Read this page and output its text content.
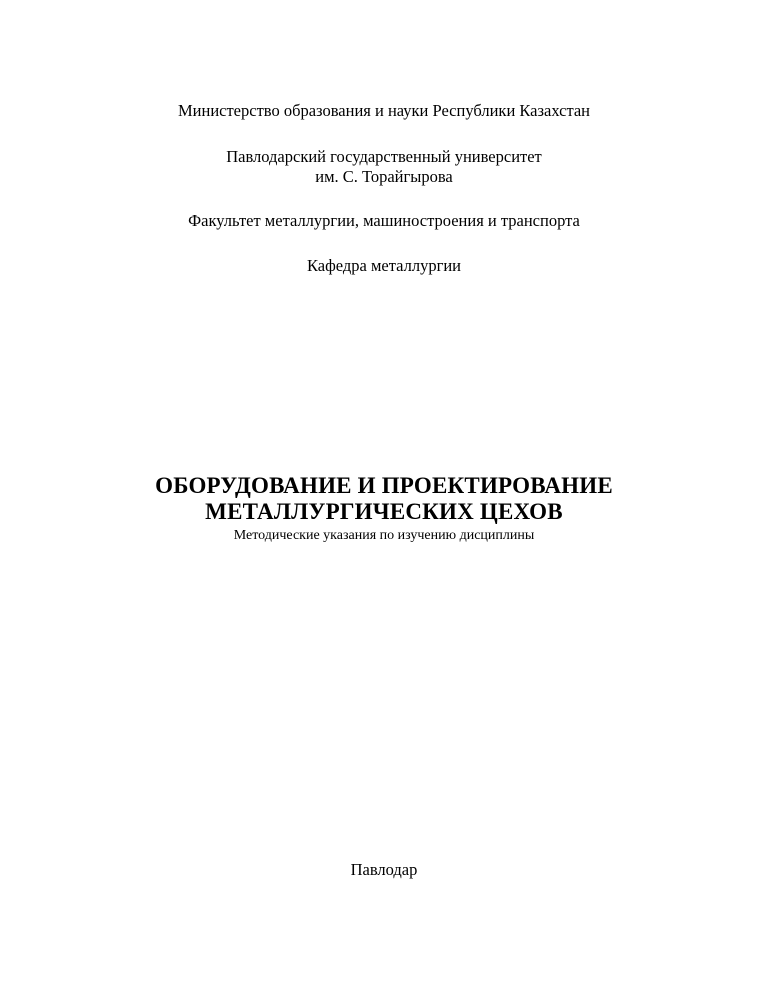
Министерство образования и науки Республики Казахстан
Павлодарский государственный университет
им. С. Торайгырова
Факультет металлургии, машиностроения и транспорта
Кафедра металлургии
ОБОРУДОВАНИЕ И ПРОЕКТИРОВАНИЕ
МЕТАЛЛУРГИЧЕСКИХ ЦЕХОВ
Методические указания по изучению дисциплины
Павлодар
